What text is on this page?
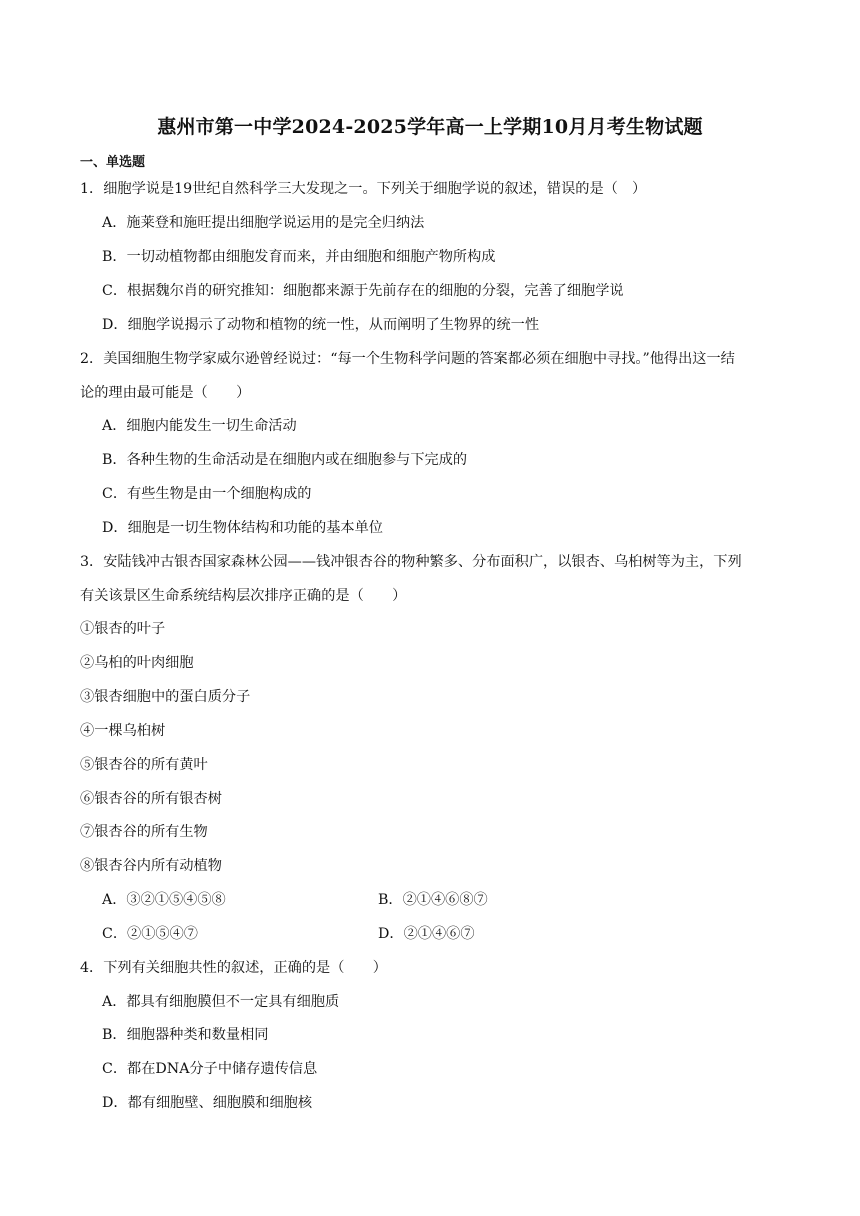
惠州市第一中学2024-2025学年高一上学期10月月考生物试题
一、单选题
1．细胞学说是19世纪自然科学三大发现之一。下列关于细胞学说的叙述，错误的是（　）
A．施莱登和施旺提出细胞学说运用的是完全归纳法
B．一切动植物都由细胞发育而来，并由细胞和细胞产物所构成
C．根据魏尔肖的研究推知：细胞都来源于先前存在的细胞的分裂，完善了细胞学说
D．细胞学说揭示了动物和植物的统一性，从而阐明了生物界的统一性
2．美国细胞生物学家威尔逊曾经说过：“每一个生物科学问题的答案都必须在细胞中寻找。”他得出这一结
论的理由最可能是（　　）
A．细胞内能发生一切生命活动
B．各种生物的生命活动是在细胞内或在细胞参与下完成的
C．有些生物是由一个细胞构成的
D．细胞是一切生物体结构和功能的基本单位
3．安陆钱冲古银杏国家森林公园——钱冲银杏谷的物种繁多、分布面积广，以银杏、乌桕树等为主，下列
有关该景区生命系统结构层次排序正确的是（　　）
①银杏的叶子
②乌桕的叶肉细胞
③银杏细胞中的蛋白质分子
④一棵乌桕树
⑤银杏谷的所有黄叶
⑥银杏谷的所有银杏树
⑦银杏谷的所有生物
⑧银杏谷内所有动植物
A．③②①⑤④⑤⑧	B．②①④⑥⑧⑦
C．②①⑤④⑦	D．②①④⑥⑦
4．下列有关细胞共性的叙述，正确的是（　　）
A．都具有细胞膜但不一定具有细胞质
B．细胞器种类和数量相同
C．都在DNA分子中储存遗传信息
D．都有细胞壁、细胞膜和细胞核
